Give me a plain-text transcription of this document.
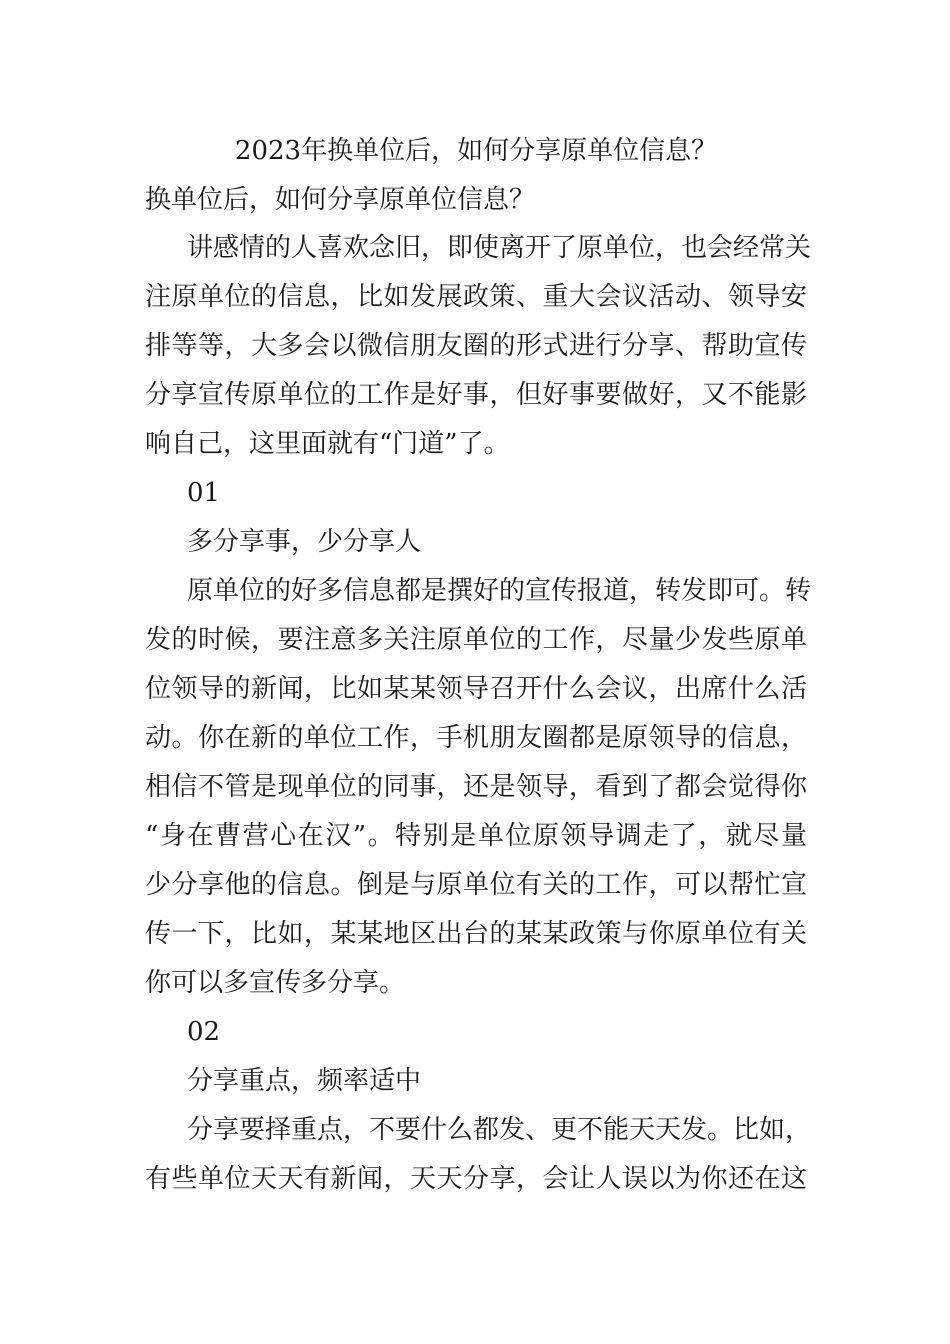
2023年换单位后，如何分享原单位信息？
换单位后，如何分享原单位信息？
讲感情的人喜欢念旧，即使离开了原单位，也会经常关
注原单位的信息，比如发展政策、重大会议活动、领导安
排等等，大多会以微信朋友圈的形式进行分享、帮助宣传
分享宣传原单位的工作是好事，但好事要做好，又不能影
响自己，这里面就有“门道”了。
01
多分享事，少分享人
原单位的好多信息都是撰好的宣传报道，转发即可。转
发的时候，要注意多关注原单位的工作，尽量少发些原单
位领导的新闻，比如某某领导召开什么会议，出席什么活
动。你在新的单位工作，手机朋友圈都是原领导的信息，
相信不管是现单位的同事，还是领导，看到了都会觉得你
“身在曹营心在汉”。特别是单位原领导调走了，就尽量
少分享他的信息。倒是与原单位有关的工作，可以帮忙宣
传一下，比如，某某地区出台的某某政策与你原单位有关
你可以多宣传多分享。
02
分享重点，频率适中
分享要择重点，不要什么都发、更不能天天发。比如，
有些单位天天有新闻，天天分享，会让人误以为你还在这
